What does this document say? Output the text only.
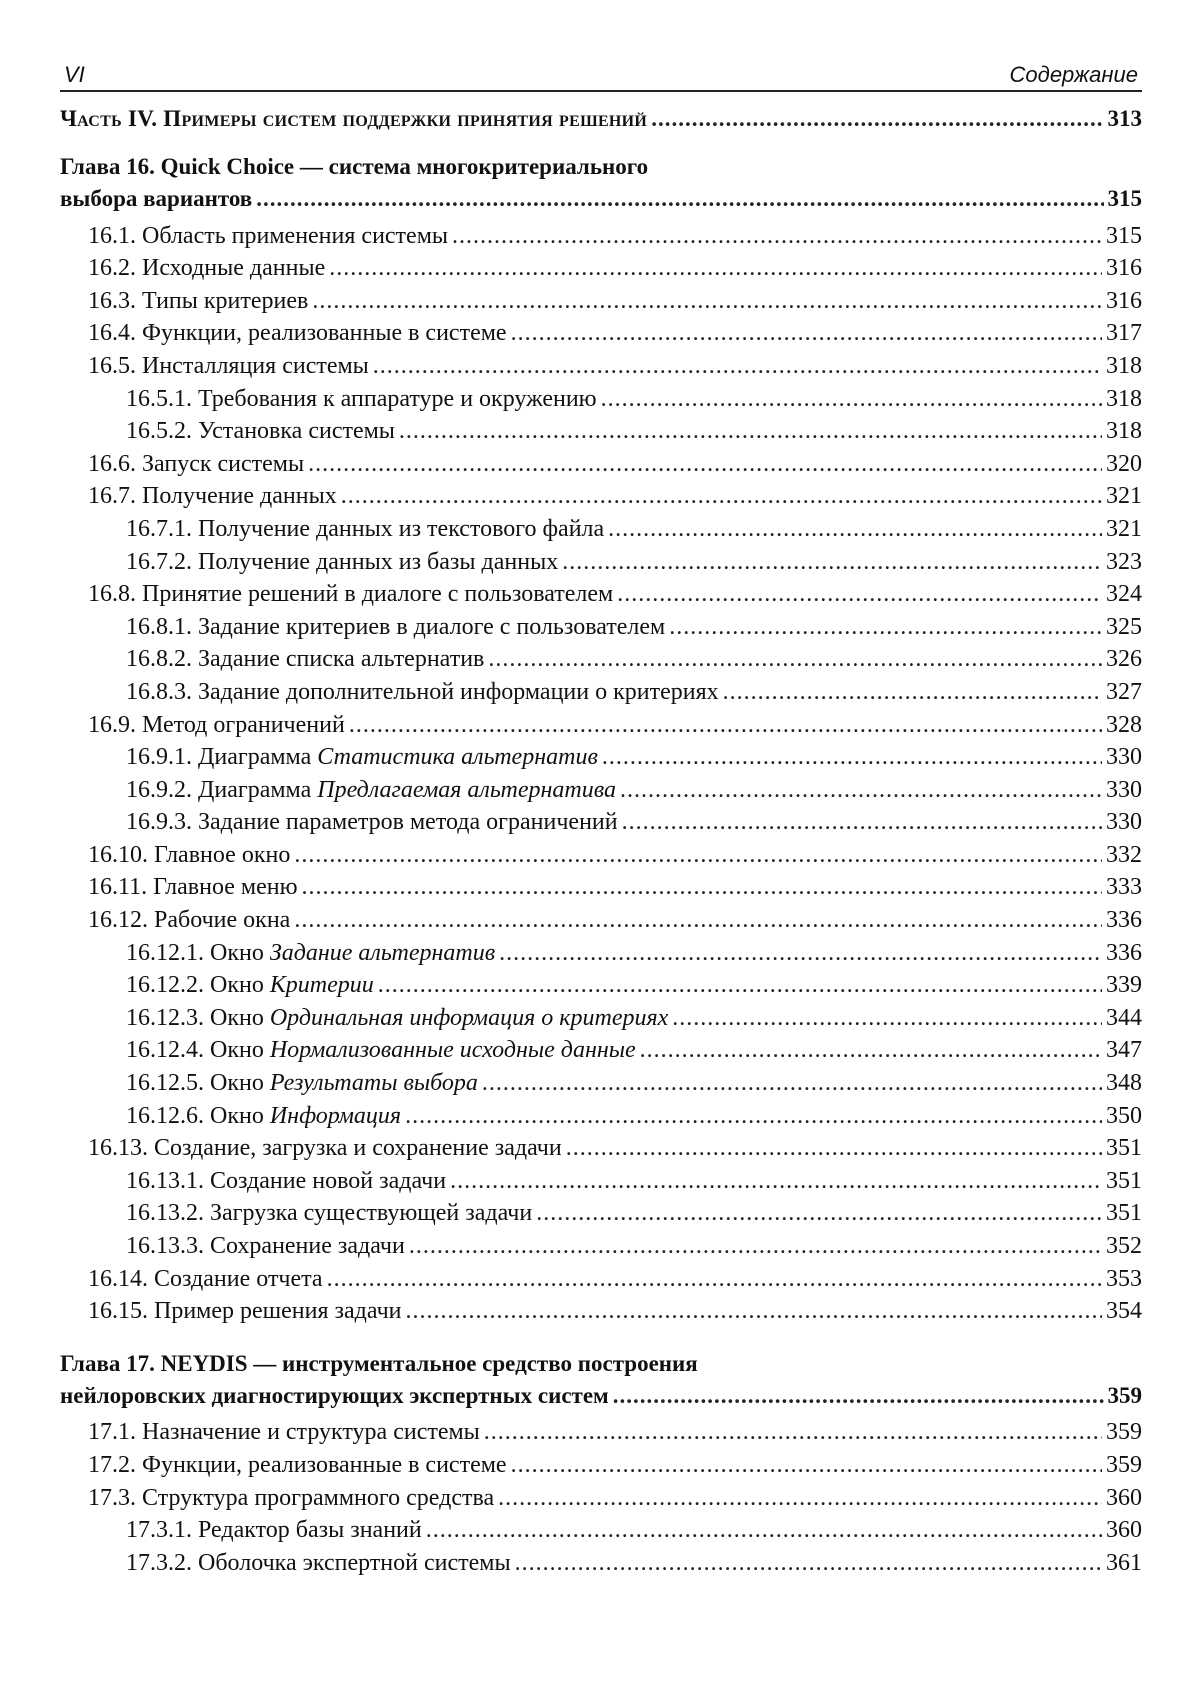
VI	Содержание
Часть IV. Примеры систем поддержки принятия решений .....	313
Глава 16. Quick Choice — система многокритериального
выбора вариантов .....	315
16.1. Область применения системы .....	315
16.2. Исходные данные .....	316
16.3. Типы критериев .....	316
16.4. Функции, реализованные в системе .....	317
16.5. Инсталляция системы .....	318
16.5.1. Требования к аппаратуре и окружению .....	318
16.5.2. Установка системы .....	318
16.6. Запуск системы .....	320
16.7. Получение данных .....	321
16.7.1. Получение данных из текстового файла .....	321
16.7.2. Получение данных из базы данных .....	323
16.8. Принятие решений в диалоге с пользователем .....	324
16.8.1. Задание критериев в диалоге с пользователем .....	325
16.8.2. Задание списка альтернатив .....	326
16.8.3. Задание дополнительной информации о критериях .....	327
16.9. Метод ограничений .....	328
16.9.1. Диаграмма Статистика альтернатив .....	330
16.9.2. Диаграмма Предлагаемая альтернатива .....	330
16.9.3. Задание параметров метода ограничений .....	330
16.10. Главное окно .....	332
16.11. Главное меню .....	333
16.12. Рабочие окна .....	336
16.12.1. Окно Задание альтернатив .....	336
16.12.2. Окно Критерии .....	339
16.12.3. Окно Ординальная информация о критериях .....	344
16.12.4. Окно Нормализованные исходные данные .....	347
16.12.5. Окно Результаты выбора .....	348
16.12.6. Окно Информация .....	350
16.13. Создание, загрузка и сохранение задачи .....	351
16.13.1. Создание новой задачи .....	351
16.13.2. Загрузка существующей задачи .....	351
16.13.3. Сохранение задачи .....	352
16.14. Создание отчета .....	353
16.15. Пример решения задачи .....	354
Глава 17. NEYDIS — инструментальное средство построения
нейлоровских диагностирующих экспертных систем .....	359
17.1. Назначение и структура системы .....	359
17.2. Функции, реализованные в системе .....	359
17.3. Структура программного средства .....	360
17.3.1. Редактор базы знаний .....	360
17.3.2. Оболочка экспертной системы .....	361
